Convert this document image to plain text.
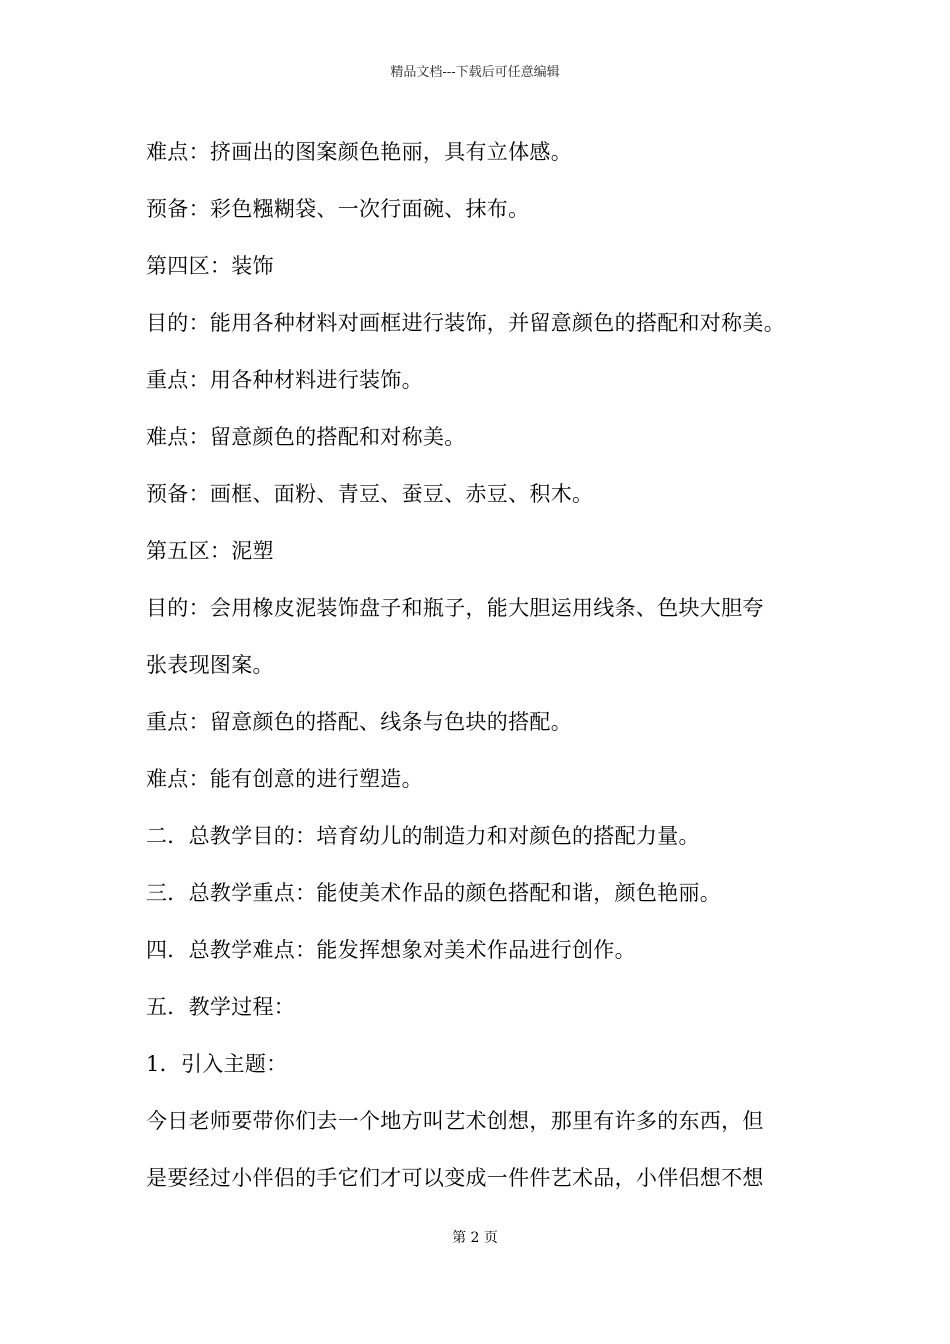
精品文档---下载后可任意编辑
难点：挤画出的图案颜色艳丽，具有立体感。
预备：彩色糨糊袋、一次行面碗、抹布。
第四区：装饰
目的：能用各种材料对画框进行装饰，并留意颜色的搭配和对称美。
重点：用各种材料进行装饰。
难点：留意颜色的搭配和对称美。
预备：画框、面粉、青豆、蚕豆、赤豆、积木。
第五区：泥塑
目的：会用橡皮泥装饰盘子和瓶子，能大胆运用线条、色块大胆夸
张表现图案。
重点：留意颜色的搭配、线条与色块的搭配。
难点：能有创意的进行塑造。
二．总教学目的：培育幼儿的制造力和对颜色的搭配力量。
三．总教学重点：能使美术作品的颜色搭配和谐，颜色艳丽。
四．总教学难点：能发挥想象对美术作品进行创作。
五．教学过程：
1．引入主题：
今日老师要带你们去一个地方叫艺术创想，那里有许多的东西，但
是要经过小伴侣的手它们才可以变成一件件艺术品，小伴侣想不想
第 2 页
